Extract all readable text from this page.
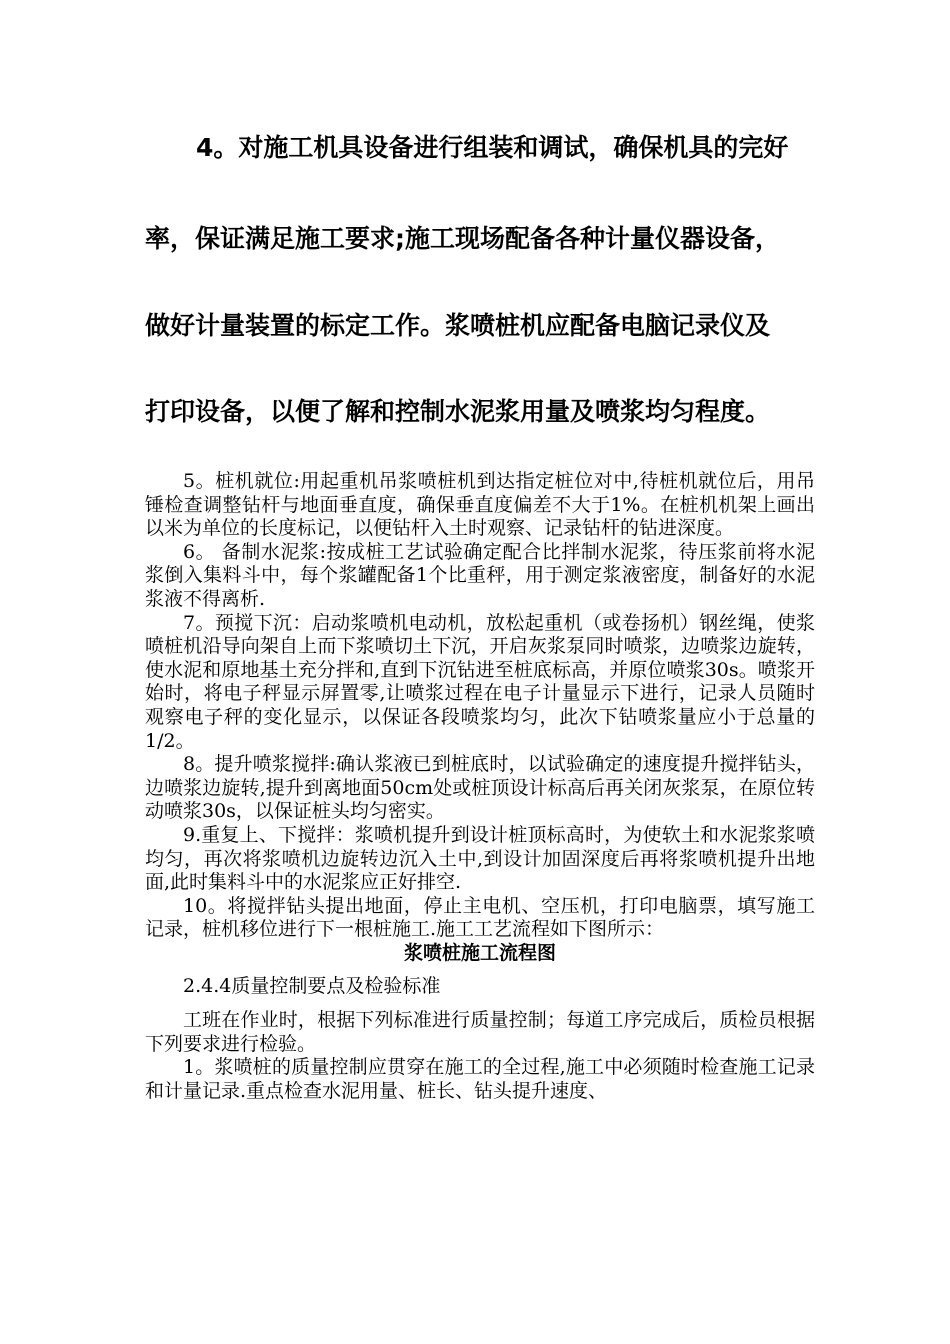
4。对施工机具设备进行组装和调试，确保机具的完好
率，保证满足施工要求;施工现场配备各种计量仪器设备，
做好计量装置的标定工作。浆喷桩机应配备电脑记录仪及
打印设备，以便了解和控制水泥浆用量及喷浆均匀程度。

5。桩机就位:用起重机吊浆喷桩机到达指定桩位对中,待桩机就位后，用吊锤检查调整钻杆与地面垂直度，确保垂直度偏差不大于1%。在桩机机架上画出以米为单位的长度标记，以便钻杆入土时观察、记录钻杆的钻进深度。

6。 备制水泥浆:按成桩工艺试验确定配合比拌制水泥浆，待压浆前将水泥浆倒入集料斗中，每个浆罐配备1个比重秤，用于测定浆液密度，制备好的水泥浆液不得离析.

7。预搅下沉：启动浆喷机电动机，放松起重机（或卷扬机）钢丝绳，使浆喷桩机沿导向架自上而下浆喷切土下沉，开启灰浆泵同时喷浆，边喷浆边旋转，使水泥和原地基土充分拌和,直到下沉钻进至桩底标高，并原位喷浆30s。喷浆开始时，将电子秤显示屏置零,让喷浆过程在电子计量显示下进行，记录人员随时观察电子秤的变化显示，以保证各段喷浆均匀，此次下钻喷浆量应小于总量的1/2。

8。提升喷浆搅拌:确认浆液已到桩底时，以试验确定的速度提升搅拌钻头，边喷浆边旋转,提升到离地面50cm处或桩顶设计标高后再关闭灰浆泵，在原位转动喷浆30s，以保证桩头均匀密实。

9.重复上、下搅拌：浆喷机提升到设计桩顶标高时，为使软土和水泥浆浆喷均匀，再次将浆喷机边旋转边沉入土中,到设计加固深度后再将浆喷机提升出地面,此时集料斗中的水泥浆应正好排空.

10。将搅拌钻头提出地面，停止主电机、空压机，打印电脑票，填写施工记录，桩机移位进行下一根桩施工.施工工艺流程如下图所示：

浆喷桩施工流程图

2.4.4质量控制要点及检验标准

工班在作业时，根据下列标准进行质量控制；每道工序完成后，质检员根据下列要求进行检验。

1。浆喷桩的质量控制应贯穿在施工的全过程,施工中必须随时检查施工记录和计量记录.重点检查水泥用量、桩长、钻头提升速度、
